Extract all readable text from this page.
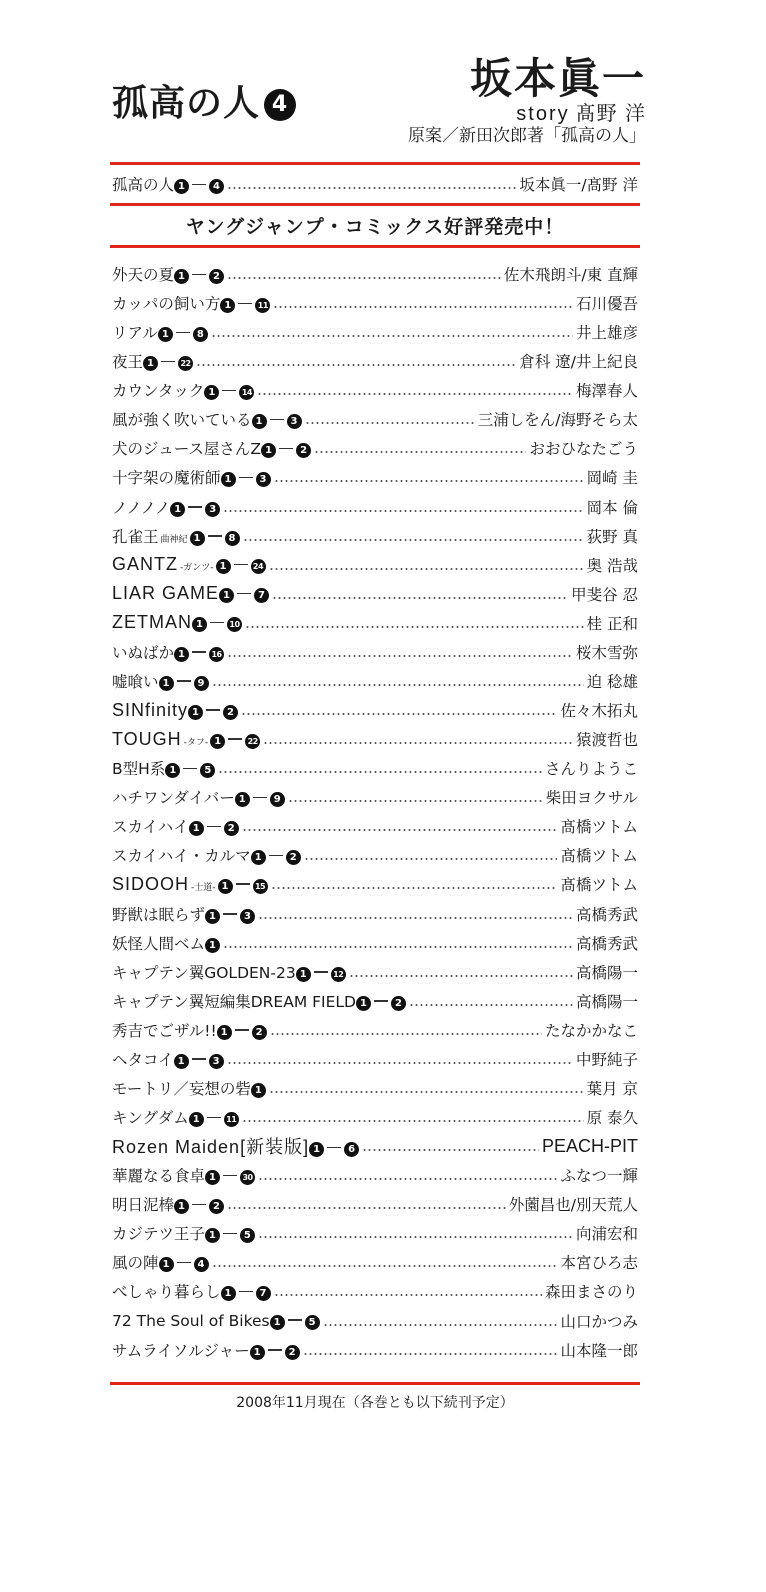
孤高の人 4
坂本眞一
story 髙野 洋
原案／新田次郎著「孤高の人」
孤高の人 1	4	坂本眞一/髙野 洋
ヤングジャンプ・コミックス好評発売中！
外天の夏 1	2	佐木飛朗斗/東 直輝
カッパの飼い方 1	11	石川優吾
リアル 1	8	井上雄彦
夜王 1	22	倉科 遼/井上紀良
カウンタック 1	14	梅澤春人
風が強く吹いている 1	3	三浦しをん/海野そら太
犬のジュース屋さんZ 1	2	おおひなたごう
十字架の魔術師 1	3	岡崎 圭
ノノノノ 1	3	岡本 倫
孔雀王 曲神紀 1	8	荻野 真
GANTZ -ガンツ- 1	24	奥 浩哉
LIAR GAME 1	7	甲斐谷 忍
ZETMAN 1	10	桂 正和
いぬばか 1	16	桜木雪弥
嘘喰い 1	9	迫 稔雄
SINfinity 1	2	佐々木拓丸
TOUGH -タフ- 1	22	猿渡哲也
B型H系 1	5	さんりようこ
ハチワンダイバー 1	9	柴田ヨクサル
スカイハイ 1	2	髙橋ツトム
スカイハイ・カルマ 1	2	髙橋ツトム
SIDOOH -士道- 1	15	髙橋ツトム
野獣は眠らず 1	3	高橋秀武
妖怪人間ベム 1	高橋秀武
キャプテン翼GOLDEN-23 1	12	高橋陽一
キャプテン翼短編集DREAM FIELD 1	2	高橋陽一
秀吉でごザル!! 1	2	たなかかなこ
ヘタコイ 1	3	中野純子
モートリ／妄想の砦 1	葉月 京
キングダム 1	11	原 泰久
Rozen Maiden[新装版] 1	6	PEACH-PIT
華麗なる食卓 1	30	ふなつ一輝
明日泥棒 1	2	外薗昌也/別天荒人
カジテツ王子 1	5	向浦宏和
風の陣 1	4	本宮ひろ志
べしゃり暮らし 1	7	森田まさのり
72 The Soul of Bikes 1	5	山口かつみ
サムライソルジャー 1	2	山本隆一郎
2008年11月現在（各巻とも以下続刊予定）
